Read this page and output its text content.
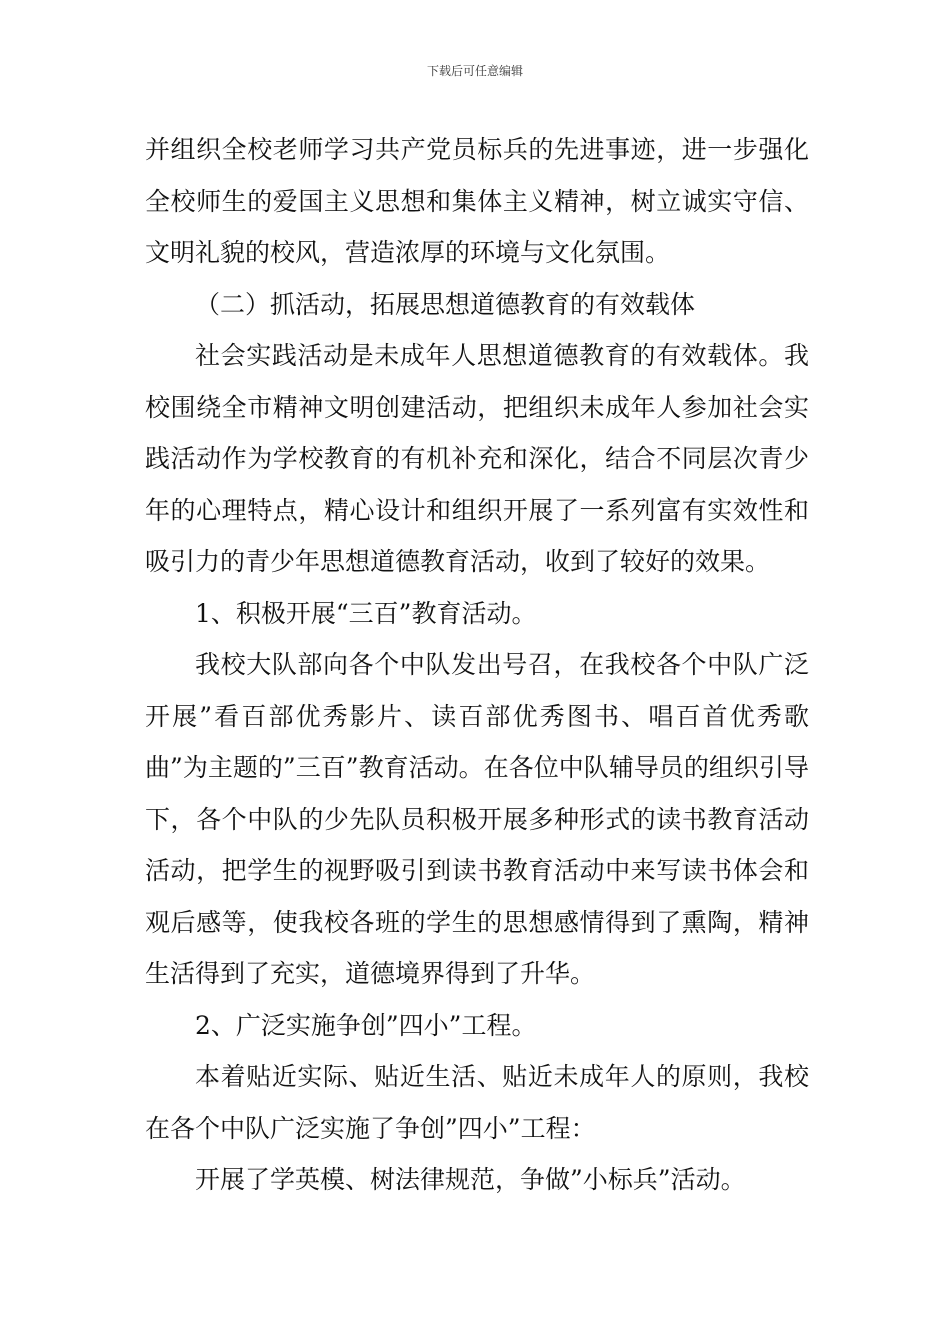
下载后可任意编辑

并组织全校老师学习共产党员标兵的先进事迹，进一步强化全校师生的爱国主义思想和集体主义精神，树立诚实守信、文明礼貌的校风，营造浓厚的环境与文化氛围。

（二）抓活动，拓展思想道德教育的有效载体

社会实践活动是未成年人思想道德教育的有效载体。我校围绕全市精神文明创建活动，把组织未成年人参加社会实践活动作为学校教育的有机补充和深化，结合不同层次青少年的心理特点，精心设计和组织开展了一系列富有实效性和吸引力的青少年思想道德教育活动，收到了较好的效果。

1、积极开展“三百”教育活动。

我校大队部向各个中队发出号召，在我校各个中队广泛开展”看百部优秀影片、读百部优秀图书、唱百首优秀歌曲”为主题的”三百”教育活动。在各位中队辅导员的组织引导下，各个中队的少先队员积极开展多种形式的读书教育活动活动，把学生的视野吸引到读书教育活动中来写读书体会和观后感等，使我校各班的学生的思想感情得到了熏陶，精神生活得到了充实，道德境界得到了升华。

2、广泛实施争创”四小”工程。

本着贴近实际、贴近生活、贴近未成年人的原则，我校在各个中队广泛实施了争创”四小”工程：

开展了学英模、树法律规范，争做”小标兵”活动。
